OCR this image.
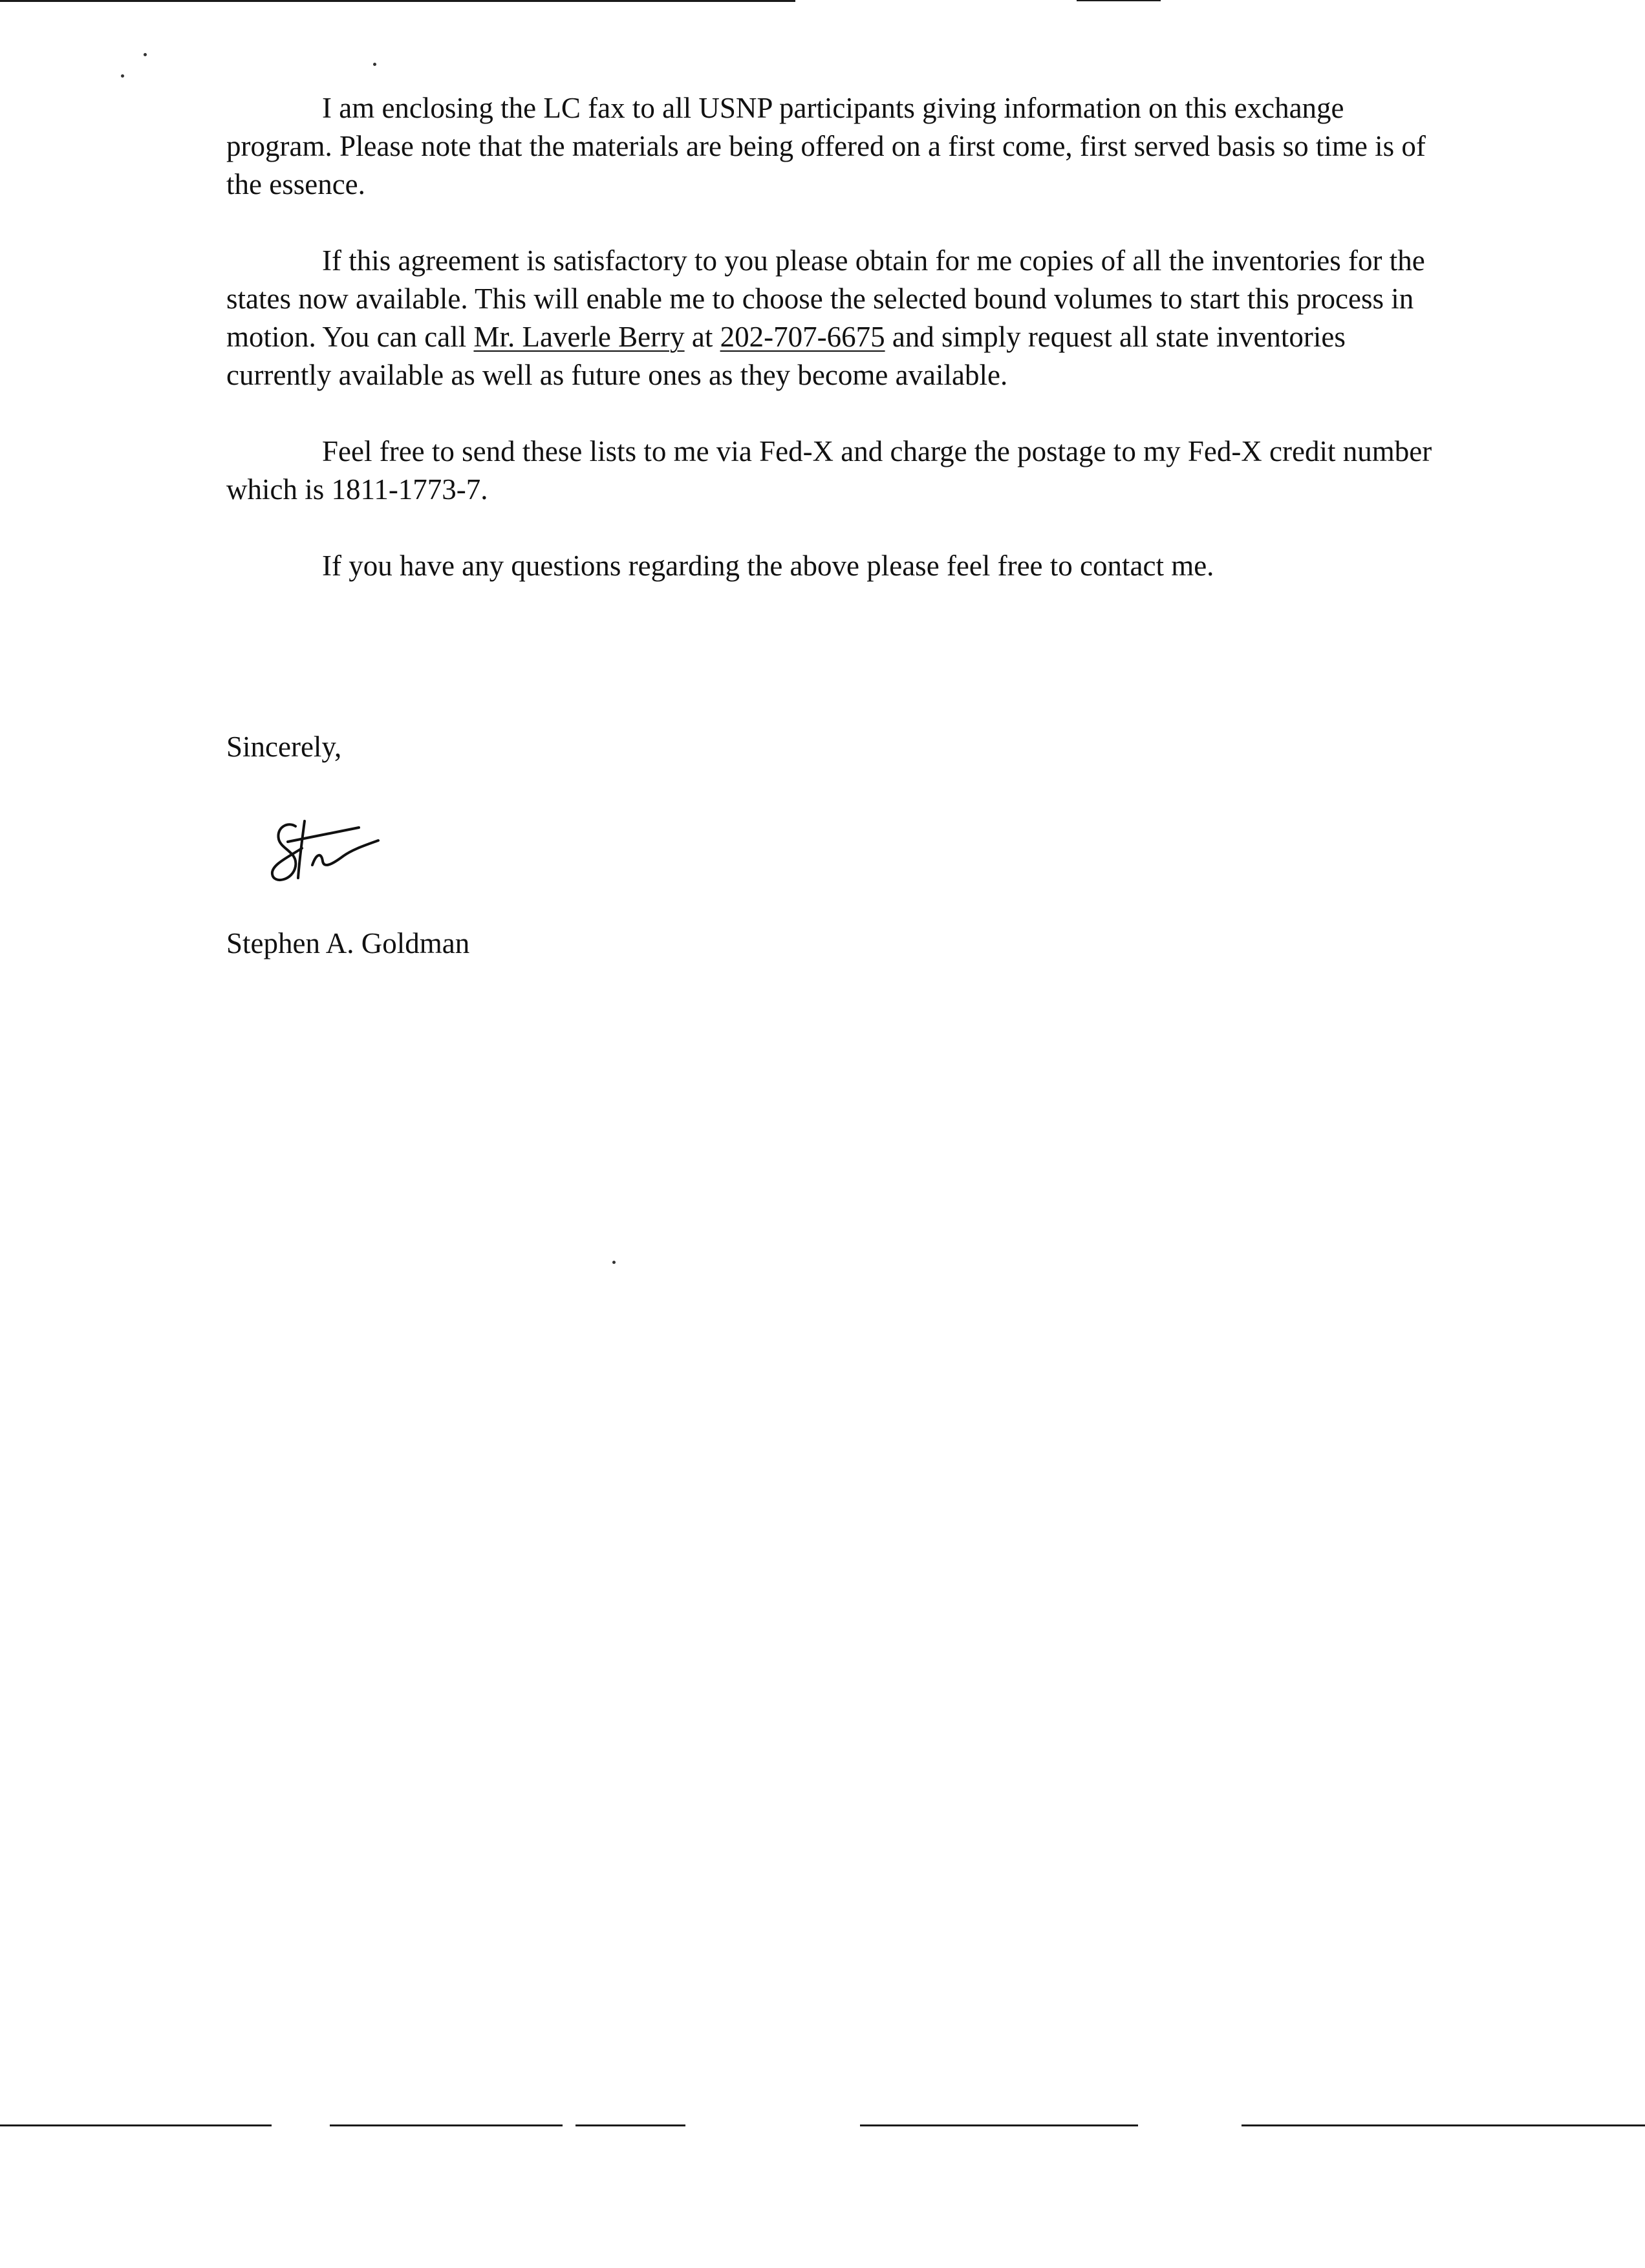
I am enclosing the LC fax to all USNP participants giving information on this exchange program. Please note that the materials are being offered on a first come, first served basis so time is of the essence.

If this agreement is satisfactory to you please obtain for me copies of all the inventories for the states now available. This will enable me to choose the selected bound volumes to start this process in motion. You can call Mr. Laverle Berry at 202-707-6675 and simply request all state inventories currently available as well as future ones as they become available.

Feel free to send these lists to me via Fed-X and charge the postage to my Fed-X credit number which is 1811-1773-7.

If you have any questions regarding the above please feel free to contact me.

Sincerely,
Stephen A. Goldman
